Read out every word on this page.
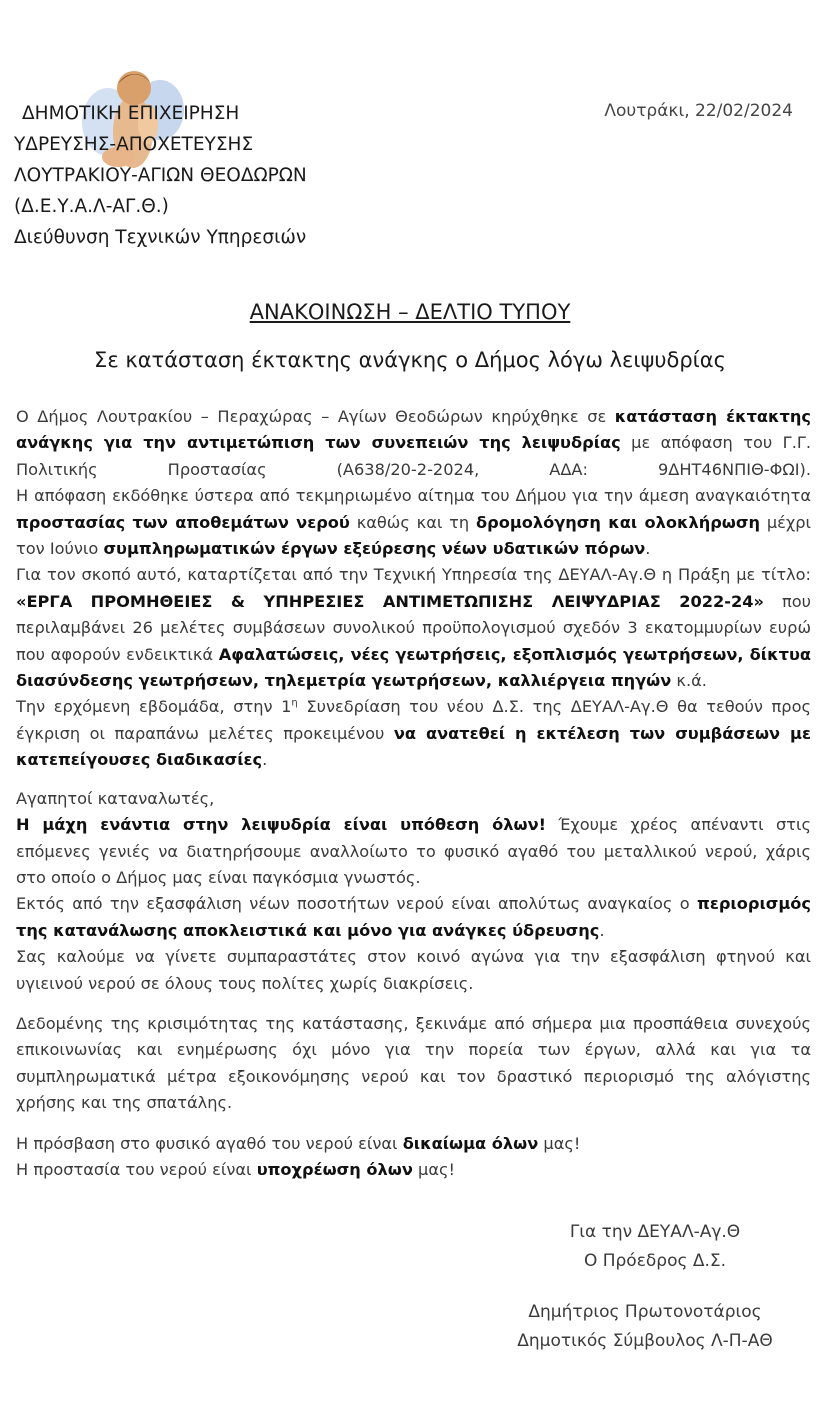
ΔΗΜΟΤΙΚΗ ΕΠΙΧΕΙΡΗΣΗ
ΥΔΡΕΥΣΗΣ-ΑΠΟΧΕΤΕΥΣΗΣ
ΛΟΥΤΡΑΚΙΟΥ-ΑΓΙΩΝ ΘΕΟΔΩΡΩΝ
(Δ.Ε.Υ.Α.Λ-ΑΓ.Θ.)
Διεύθυνση Τεχνικών Υπηρεσιών
Λουτράκι, 22/02/2024
ΑΝΑΚΟΙΝΩΣΗ – ΔΕΛΤΙΟ ΤΥΠΟΥ
Σε κατάσταση έκτακτης ανάγκης ο Δήμος λόγω λειψυδρίας

Ο Δήμος Λουτρακίου – Περαχώρας – Αγίων Θεοδώρων κηρύχθηκε σε κατάσταση έκτακτης ανάγκης για την αντιμετώπιση των συνεπειών της λειψυδρίας με απόφαση του Γ.Γ. Πολιτικής Προστασίας (Α638/20-2-2024, ΑΔΑ: 9ΔΗΤ46ΝΠΙΘ-ΦΩΙ).

Η απόφαση εκδόθηκε ύστερα από τεκμηριωμένο αίτημα του Δήμου για την άμεση αναγκαιότητα προστασίας των αποθεμάτων νερού καθώς και τη δρομολόγηση και ολοκλήρωση μέχρι τον Ιούνιο συμπληρωματικών έργων εξεύρεσης νέων υδατικών πόρων.

Για τον σκοπό αυτό, καταρτίζεται από την Τεχνική Υπηρεσία της ΔΕΥΑΛ-Αγ.Θ η Πράξη με τίτλο: «ΕΡΓΑ ΠΡΟΜΗΘΕΙΕΣ & ΥΠΗΡΕΣΙΕΣ ΑΝΤΙΜΕΤΩΠΙΣΗΣ ΛΕΙΨΥΔΡΙΑΣ 2022-24» που περιλαμβάνει 26 μελέτες συμβάσεων συνολικού προϋπολογισμού σχεδόν 3 εκατομμυρίων ευρώ που αφορούν ενδεικτικά Αφαλατώσεις, νέες γεωτρήσεις, εξοπλισμός γεωτρήσεων, δίκτυα διασύνδεσης γεωτρήσεων, τηλεμετρία γεωτρήσεων, καλλιέργεια πηγών κ.ά.

Την ερχόμενη εβδομάδα, στην $1^\eta$ Συνεδρίαση του νέου Δ.Σ. της ΔΕΥΑΛ-Αγ.Θ θα τεθούν προς έγκριση οι παραπάνω μελέτες προκειμένου να ανατεθεί η εκτέλεση των συμβάσεων με κατεπείγουσες διαδικασίες.

Αγαπητοί καταναλωτές,

Η μάχη ενάντια στην λειψυδρία είναι υπόθεση όλων! Έχουμε χρέος απέναντι στις επόμενες γενιές να διατηρήσουμε αναλλοίωτο το φυσικό αγαθό του μεταλλικού νερού, χάρις στο οποίο ο Δήμος μας είναι παγκόσμια γνωστός.

Εκτός από την εξασφάλιση νέων ποσοτήτων νερού είναι απολύτως αναγκαίος ο περιορισμός της κατανάλωσης αποκλειστικά και μόνο για ανάγκες ύδρευσης.

Σας καλούμε να γίνετε συμπαραστάτες στον κοινό αγώνα για την εξασφάλιση φτηνού και υγιεινού νερού σε όλους τους πολίτες χωρίς διακρίσεις.

Δεδομένης της κρισιμότητας της κατάστασης, ξεκινάμε από σήμερα μια προσπάθεια συνεχούς επικοινωνίας και ενημέρωσης όχι μόνο για την πορεία των έργων, αλλά και για τα συμπληρωματικά μέτρα εξοικονόμησης νερού και τον δραστικό περιορισμό της αλόγιστης χρήσης και της σπατάλης.

Η πρόσβαση στο φυσικό αγαθό του νερού είναι δικαίωμα όλων μας!

Η προστασία του νερού είναι υποχρέωση όλων μας!

Για την ΔΕΥΑΛ-Αγ.Θ
Ο Πρόεδρος Δ.Σ.
Δημήτριος Πρωτονοτάριος
Δημοτικός Σύμβουλος Λ-Π-ΑΘ
